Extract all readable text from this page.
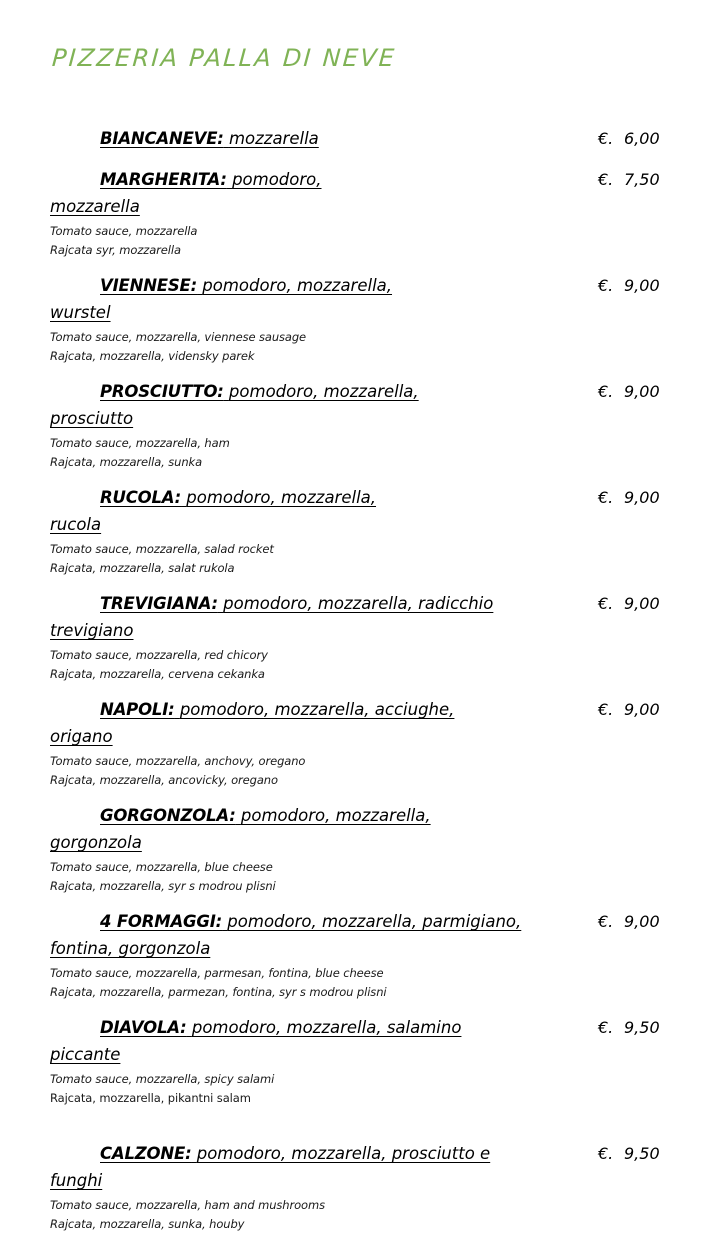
PIZZERIA PALLA DI NEVE
BIANCANEVE: mozzarella	€. 6,00
MARGHERITA: pomodoro, mozzarella
€. 7,50
Tomato sauce, mozzarella
Rajcata syr, mozzarella
VIENNESE: pomodoro, mozzarella, wurstel
€. 9,00
Tomato sauce, mozzarella, viennese sausage
Rajcata, mozzarella, vidensky parek
PROSCIUTTO: pomodoro, mozzarella, prosciutto
€. 9,00
Tomato sauce, mozzarella, ham
Rajcata, mozzarella, sunka
RUCOLA: pomodoro, mozzarella, rucola
€. 9,00
Tomato sauce, mozzarella, salad rocket
Rajcata, mozzarella, salat rukola
TREVIGIANA: pomodoro, mozzarella, radicchio trevigiano
€. 9,00
Tomato sauce, mozzarella, red chicory
Rajcata, mozzarella, cervena cekanka
NAPOLI: pomodoro, mozzarella, acciughe, origano
€. 9,00
Tomato sauce, mozzarella, anchovy, oregano
Rajcata, mozzarella, ancovicky, oregano
GORGONZOLA: pomodoro, mozzarella, gorgonzola
Tomato sauce, mozzarella, blue cheese
Rajcata, mozzarella, syr s modrou plisni
4 FORMAGGI: pomodoro, mozzarella, parmigiano, fontina, gorgonzola
€. 9,00
Tomato sauce, mozzarella, parmesan, fontina, blue cheese
Rajcata, mozzarella, parmezan, fontina, syr s modrou plisni
DIAVOLA: pomodoro, mozzarella, salamino piccante
€. 9,50
Tomato sauce, mozzarella, spicy salami
Rajcata, mozzarella, pikantni salam
CALZONE: pomodoro, mozzarella, prosciutto e funghi
€. 9,50
Tomato sauce, mozzarella, ham and mushrooms
Rajcata, mozzarella, sunka, houby
